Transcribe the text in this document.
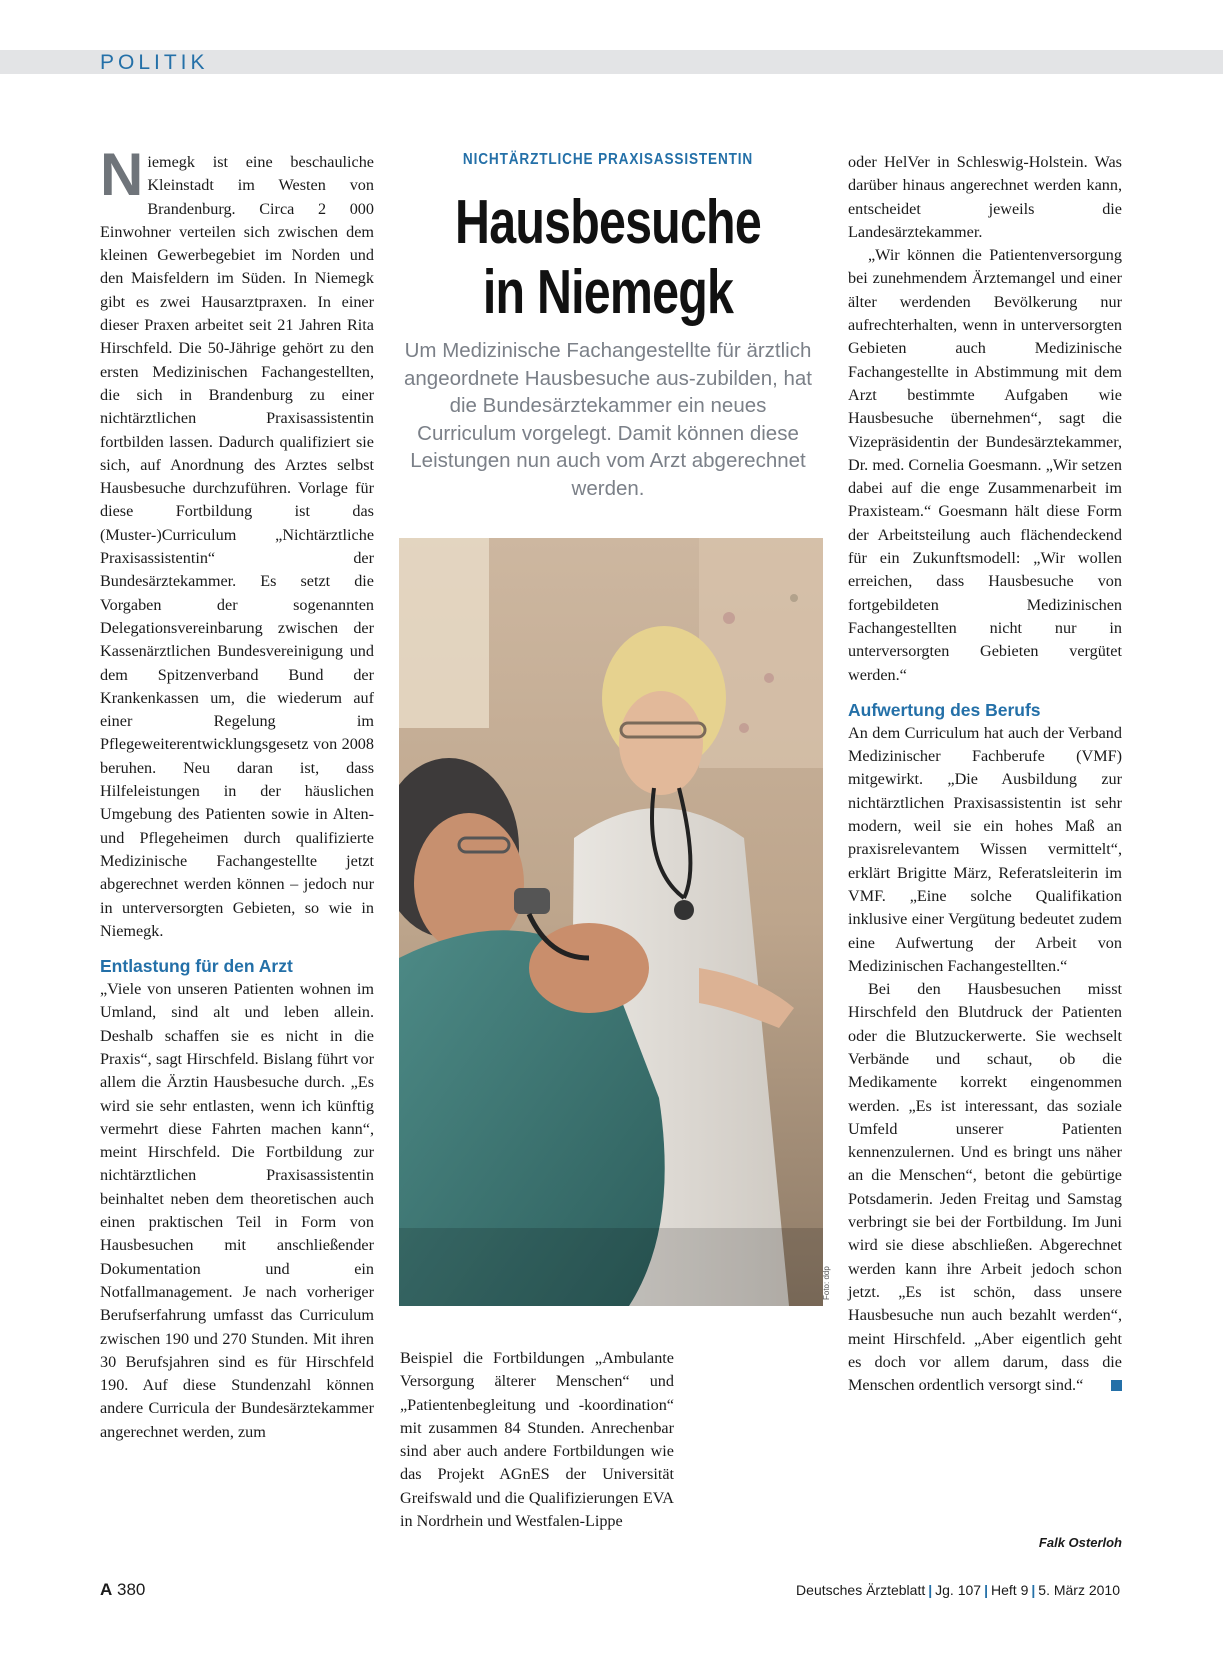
POLITIK

Niemegk ist eine beschauliche Kleinstadt im Westen von Brandenburg. Circa 2 000 Einwohner verteilen sich zwischen dem kleinen Gewerbegebiet im Norden und den Maisfeldern im Süden. In Niemegk gibt es zwei Hausarztpraxen. In einer dieser Praxen arbeitet seit 21 Jahren Rita Hirschfeld. Die 50-Jährige gehört zu den ersten Medizinischen Fachangestellten, die sich in Brandenburg zu einer nichtärztlichen Praxisassistentin fortbilden lassen. Dadurch qualifiziert sie sich, auf Anordnung des Arztes selbst Hausbesuche durchzuführen. Vorlage für diese Fortbildung ist das (Muster-)Curriculum „Nichtärztliche Praxisassistentin“ der Bundesärztekammer. Es setzt die Vorgaben der sogenannten Delegationsvereinbarung zwischen der Kassenärztlichen Bundesvereinigung und dem Spitzenverband Bund der Krankenkassen um, die wiederum auf einer Regelung im Pflegeweiterentwicklungsgesetz von 2008 beruhen. Neu daran ist, dass Hilfeleistungen in der häuslichen Umgebung des Patienten sowie in Alten- und Pflegeheimen durch qualifizierte Medizinische Fachangestellte jetzt abgerechnet werden können – jedoch nur in unterversorgten Gebieten, so wie in Niemegk.

Entlastung für den Arzt

„Viele von unseren Patienten wohnen im Umland, sind alt und leben allein. Deshalb schaffen sie es nicht in die Praxis“, sagt Hirschfeld. Bislang führt vor allem die Ärztin Hausbesuche durch. „Es wird sie sehr entlasten, wenn ich künftig vermehrt diese Fahrten machen kann“, meint Hirschfeld. Die Fortbildung zur nichtärztlichen Praxisassistentin beinhaltet neben dem theoretischen auch einen praktischen Teil in Form von Hausbesuchen mit anschließender Dokumentation und ein Notfallmanagement. Je nach vorheriger Berufserfahrung umfasst das Curriculum zwischen 190 und 270 Stunden. Mit ihren 30 Berufsjahren sind es für Hirschfeld 190. Auf diese Stundenzahl können andere Curricula der Bundesärztekammer angerechnet werden, zum

NICHTÄRZTLICHE PRAXISASSISTENTIN
Hausbesuche
in Niemegk
Um Medizinische Fachangestellte für ärztlich angeordnete Hausbesuche aus-zubilden, hat die Bundesärztekammer ein neues Curriculum vorgelegt. Damit können diese Leistungen nun auch vom Arzt abgerechnet werden.
Foto: ddp

Beispiel die Fortbildungen „Ambulante Versorgung älterer Menschen“ und „Patientenbegleitung und -koordination“ mit zusammen 84 Stunden. Anrechenbar sind aber auch andere Fortbildungen wie das Projekt AGnES der Universität Greifswald und die Qualifizierungen EVA in Nordrhein und Westfalen-Lippe

oder HelVer in Schleswig-Holstein. Was darüber hinaus angerechnet werden kann, entscheidet jeweils die Landesärztekammer.

„Wir können die Patientenversorgung bei zunehmendem Ärztemangel und einer älter werdenden Bevölkerung nur aufrechterhalten, wenn in unterversorgten Gebieten auch Medizinische Fachangestellte in Abstimmung mit dem Arzt bestimmte Aufgaben wie Hausbesuche übernehmen“, sagt die Vizepräsidentin der Bundesärztekammer, Dr. med. Cornelia Goesmann. „Wir setzen dabei auf die enge Zusammenarbeit im Praxisteam.“ Goesmann hält diese Form der Arbeitsteilung auch flächendeckend für ein Zukunftsmodell: „Wir wollen erreichen, dass Hausbesuche von fortgebildeten Medizinischen Fachangestellten nicht nur in unterversorgten Gebieten vergütet werden.“

Aufwertung des Berufs

An dem Curriculum hat auch der Verband Medizinischer Fachberufe (VMF) mitgewirkt. „Die Ausbildung zur nichtärztlichen Praxisassistentin ist sehr modern, weil sie ein hohes Maß an praxisrelevantem Wissen vermittelt“, erklärt Brigitte März, Referatsleiterin im VMF. „Eine solche Qualifikation inklusive einer Vergütung bedeutet zudem eine Aufwertung der Arbeit von Medizinischen Fachangestellten.“

Bei den Hausbesuchen misst Hirschfeld den Blutdruck der Patienten oder die Blutzuckerwerte. Sie wechselt Verbände und schaut, ob die Medikamente korrekt eingenommen werden. „Es ist interessant, das soziale Umfeld unserer Patienten kennenzulernen. Und es bringt uns näher an die Menschen“, betont die gebürtige Potsdamerin. Jeden Freitag und Samstag verbringt sie bei der Fortbildung. Im Juni wird sie diese abschließen. Abgerechnet werden kann ihre Arbeit jedoch schon jetzt. „Es ist schön, dass unsere Hausbesuche nun auch bezahlt werden“, meint Hirschfeld. „Aber eigentlich geht es doch vor allem darum, dass die Menschen ordentlich versorgt sind.“

Falk Osterloh
A 380	Deutsches Ärzteblatt | Jg. 107 | Heft 9 | 5. März 2010
